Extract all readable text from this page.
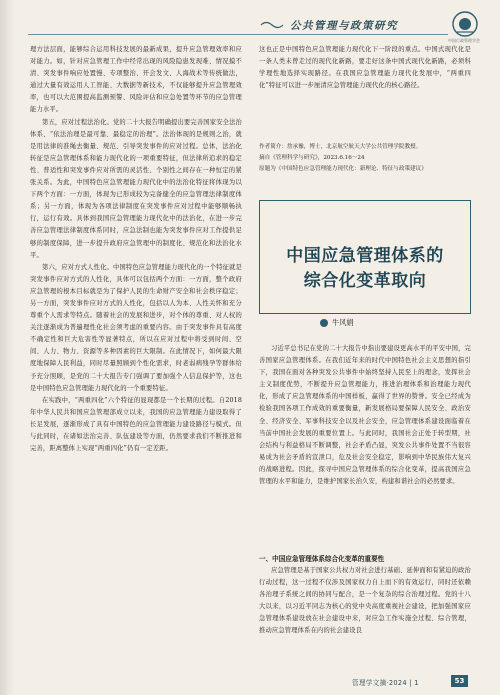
公共管理与政策研究
中国行政管理学会

理方法层面，能够综合运用科技发展的最新成果，提升应急管理效率和应对能力。如，针对应急管理工作中经常出现的风险隐患发现难、情况摸不清、突发事件响应处置慢、专项整治、开会发文、人海战术等传统做法，通过大量有效运用人工智能、大数据等新技术，不仅能够提升应急管理效率，也可以大范围提高监测预警、风险评估和应急处置等环节的应急管理能力水平。

第五，应对过程法治化。党的二十大报告明确提出要完善国家安全法治体系、“依法治理是最可靠、最稳定的治理”。法治体现的是规则之治，就是用法律的准绳去衡量、规范、引导突发事件的应对过程。总体，法治化转征是应急管理体系和能力现代化的一项重要特征，但法律所追求的稳定性、普适性和突发事件应对所需的灵活性、个别性之间存在一种恒定的紧张关系。为此，中国特色应急管理能力现代化中的法治化特征将体现为以下两个方面：一方面，体现为已形成较为完备健全的应急管理法律制度体系；另一方面，体现为各项法律制度在突发事件应对过程中能够顺畅执行，运行有效。具体到我国应急管理能力现代化中的法治化，在进一步完善应急管理法律制度体系同时，应急法制也能为突发事件应对工作提供足够的制度保障，进一步提升政府应急管理中的制度化、规范化和法治化水平。

第六，应对方式人性化。中国特色应急管理能力现代化的一个特征就是突发事件应对方式的人性化，具体可以包括两个方面：一方面，整个政府应急管理的根本目标就是为了保护人民的生命财产安全和社会秩序稳定；另一方面，突发事件应对方式的人性化，包括以人为本、人性关怀和充分尊重个人需求等特点。随着社会的发展和进步，对个体的尊重、对人权的关注逐渐成为普遍理性化社会须考虑的重要内容。由于突发事件具有高度不确定性和巨大危害性等显著特点，所以在应对过程中将受到时间、空间、人力、物力、资源等多种因素的巨大限制。在此情况下，如何最大限度地保障人民利益，同时尽量照顾到个性化需求，时老弱病残孕等群体给予充分照顾，是党的二十大报告专门强调了要加强个人信息保护等，这也是中国特色应急管理能力现代化的一个重要特征。

在实践中，“两重四化”六个特征的显现都是一个长期的过程。自2018年中华人民共和国应急管理部成立以来，我国的应急管理能力建设取得了长足发展，逐渐形成了具有中国特色的应急管理能力建设路径与模式。但与此同时，在诸如法治完善、队伍建设等方面，仍然要求我们不断推进和完善，距离整体上实现“两重四化”仍有一定差距。

这也正是中国特色应急管理能力现代化下一阶段的重点。中国式现代化是一条人类未曾走过的现代化新路，要走好这条中国式现代化新路，必须科学理性地选择实现路径。在我国应急管理能力现代化发展中，“两重四化”特征可以进一步厘清应急管理能力现代化的核心路径。

作者简介：詹承豫，博士，北京航空航天大学公共管理学院教授。
摘自《管理科学与研究》，2023.6.16～24
原题为《中国特色应急管理能力现代化：新理论、特征与政策建议》
中国应急管理体系的
综合化变革取向
牛风娟

习近平总书记在党的二十大报告中指出要建设更高水平的平安中国，完善国家应急管理体系。在我们近年来的时代中国特色社会主义思想的指引下，我国在面对各种突发公共事件中始终坚持人民至上的理念，发挥社会主义制度优势，不断提升应急管理能力，推进治理体系和治理能力现代化，形成了应急管理体系的中国样板，赢得了世界的赞誉。安全已经成为检验我国各项工作成效的重要衡量，新发展格局要保障人民安全、政治安全、经济安全、军事科技安全以及社会安全，应急管理体系建设面临着在当前中国社会发展的重要位置上。与此同时，我国社会正处于转型期，社会结构与利益格局不断调整，社会矛盾凸显，突发公共事件处置不当很容易成为社会矛盾的宣泄口，危及社会安全稳定，影响到中华民族伟大复兴的战略进程。因此，探寻中国应急管理体系的综合化变革，提高我国应急管理的水平和能力，是维护国家长治久安，构建和谐社会的必然要求。

一、中国应急管理体系综合化变革的重要性

应急管理是基于国家公共权力对社会进行基础、延伸面和有紧迫的政治行动过程，这一过程不仅涉及国家权力自上而下的有效运行，同时还依赖各治理子系统之间的协同与配合，是一个复杂的综合治理过程。党的十八大以来，以习近平同志为核心的党中央高度重视社会建设，把加强国家应急管理体系建设放在社会建设中来，对应急工作实施全过程、综合管理，推动应急管理体系在内的社会建设良

管理学文摘·2024 | 1	53
